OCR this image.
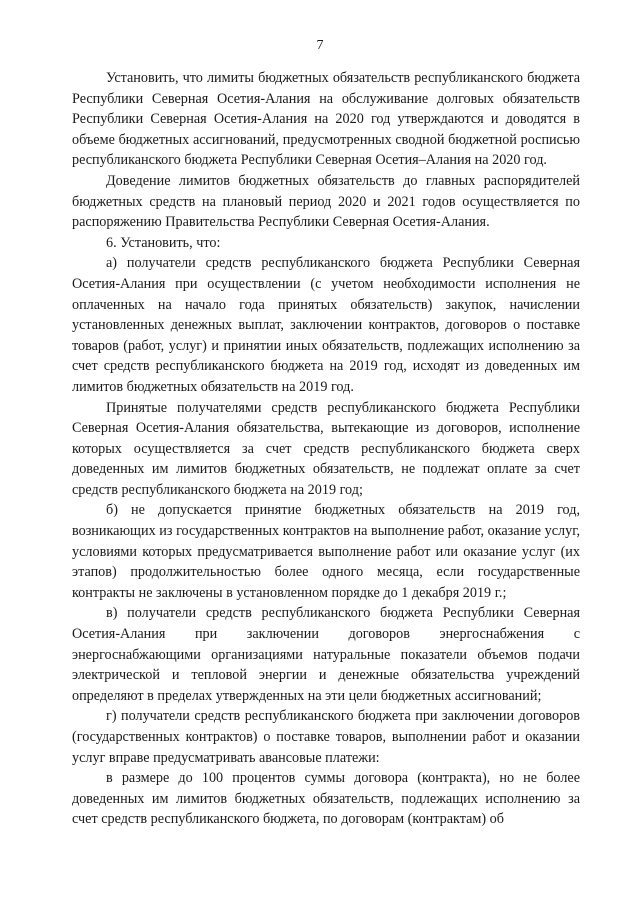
7

Установить, что лимиты бюджетных обязательств республиканского бюджета Республики Северная Осетия-Алания на обслуживание долговых обязательств Республики Северная Осетия-Алания на 2020 год утверждаются и доводятся в объеме бюджетных ассигнований, предусмотренных сводной бюджетной росписью республиканского бюджета Республики Северная Осетия–Алания на 2020 год.

Доведение лимитов бюджетных обязательств до главных распорядителей бюджетных средств на плановый период 2020 и 2021 годов осуществляется по распоряжению Правительства Республики Северная Осетия-Алания.

6. Установить, что:

а) получатели средств республиканского бюджета Республики Северная Осетия-Алания при осуществлении (с учетом необходимости исполнения не оплаченных на начало года принятых обязательств) закупок, начислении установленных денежных выплат, заключении контрактов, договоров о поставке товаров (работ, услуг) и принятии иных обязательств, подлежащих исполнению за счет средств республиканского бюджета на 2019 год, исходят из доведенных им лимитов бюджетных обязательств на 2019 год.

Принятые получателями средств республиканского бюджета Республики Северная Осетия-Алания обязательства, вытекающие из договоров, исполнение которых осуществляется за счет средств республиканского бюджета сверх доведенных им лимитов бюджетных обязательств, не подлежат оплате за счет средств республиканского бюджета на 2019 год;

б) не допускается принятие бюджетных обязательств на 2019 год, возникающих из государственных контрактов на выполнение работ, оказание услуг, условиями которых предусматривается выполнение работ или оказание услуг (их этапов) продолжительностью более одного месяца, если государственные контракты не заключены в установленном порядке до 1 декабря 2019 г.;

в) получатели средств республиканского бюджета Республики Северная Осетия-Алания при заключении договоров энергоснабжения с энергоснабжающими организациями натуральные показатели объемов подачи электрической и тепловой энергии и денежные обязательства учреждений определяют в пределах утвержденных на эти цели бюджетных ассигнований;

г) получатели средств республиканского бюджета при заключении договоров (государственных контрактов) о поставке товаров, выполнении работ и оказании услуг вправе предусматривать авансовые платежи:

в размере до 100 процентов суммы договора (контракта), но не более доведенных им лимитов бюджетных обязательств, подлежащих исполнению за счет средств республиканского бюджета, по договорам (контрактам) об
